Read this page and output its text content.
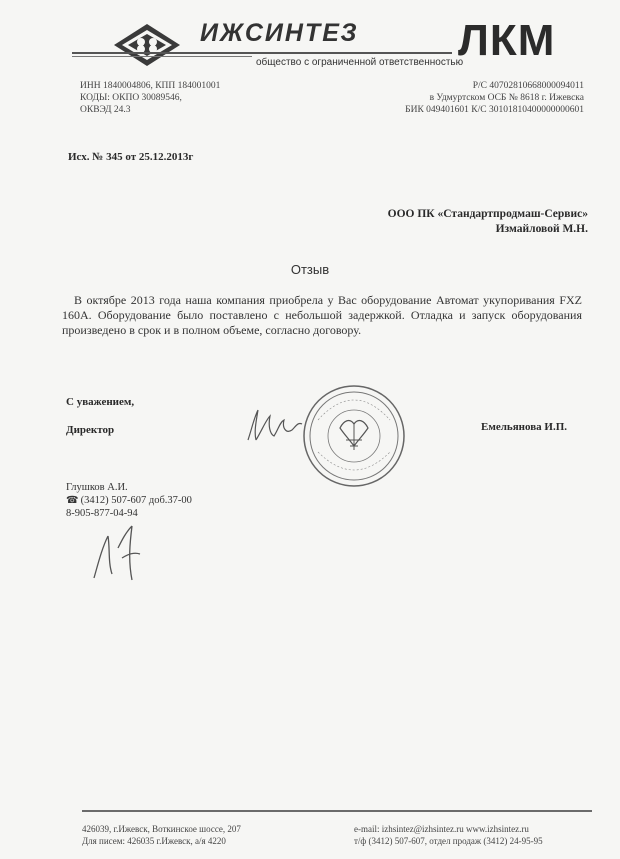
ИЖСИНТЕЗ ЛКМ
общество с ограниченной ответственностью
ИНН 1840004806, КПП 184001001
КОДЫ: ОКПО 30089546,
ОКВЭД 24.3
Р/С 40702810668000094011
в Удмуртском ОСБ № 8618 г. Ижевска
БИК 049401601 К/С 30101810400000000601
Исх. № 345 от 25.12.2013г
ООО ПК «Стандартпродмаш-Сервис»
Измайловой М.Н.
Отзыв
В октябре 2013 года наша компания приобрела у Вас оборудование Автомат укупоривания FXZ 160A. Оборудование было поставлено с небольшой задержкой. Отладка и запуск оборудования произведено в срок и в полном объеме, согласно договору.
С уважением,
Директор	Емельянова И.П.
Глушков А.И.
☎ (3412) 507-607 доб.37-00
8-905-877-04-94
426039, г.Ижевск, Воткинское шоссе, 207
Для писем: 426035 г.Ижевск, а/я 4220
e-mail: izhsintez@izhsintez.ru www.izhsintez.ru
т/ф (3412) 507-607, отдел продаж (3412) 24-95-95
